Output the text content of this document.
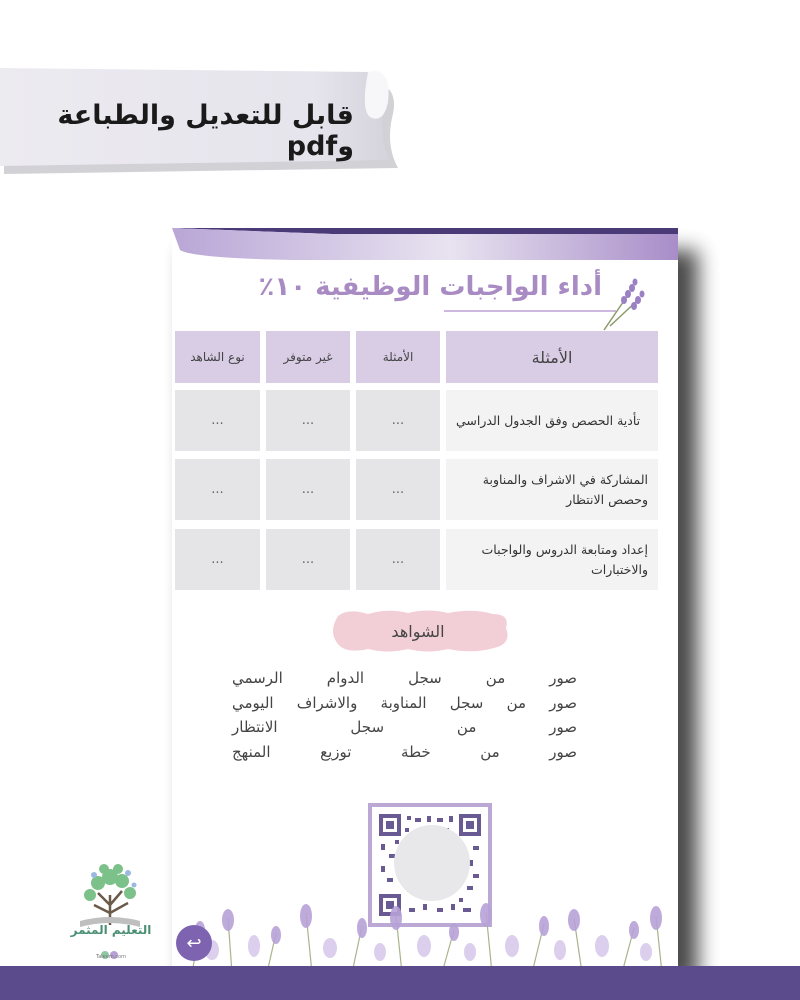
قابل للتعديل والطباعة وpdf
أداء الواجبات الوظيفية ١٠٪
الأمثلة
الأمثلة
غير متوفر
نوع الشاهد
تأدية الحصص وفق الجدول الدراسي
...
...
...
المشاركة في الاشراف والمناوبة وحصص الانتظار
...
...
...
إعداد ومتابعة الدروس والواجبات والاختبارات
...
...
...
الشواهد
صور من سجل الدوام الرسمي
صور من سجل المناوبة والاشراف اليومي
صور من سجل الانتظار
صور من خطة توزيع المنهج
↩
التعليم المثمر
Taleem.com
